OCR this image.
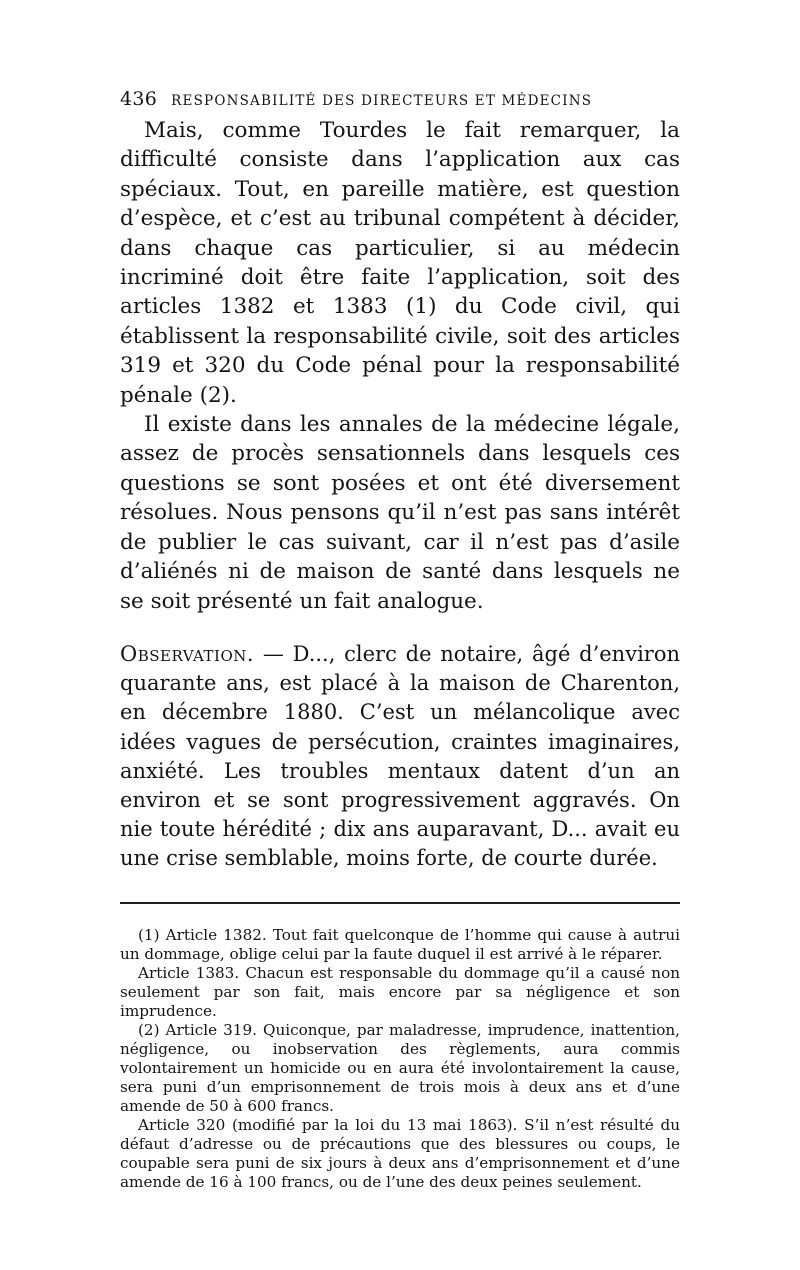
436 RESPONSABILITÉ DES DIRECTEURS ET MÉDECINS

Mais, comme Tourdes le fait remarquer, la difficulté consiste dans l’application aux cas spéciaux. Tout, en pareille matière, est question d’espèce, et c’est au tribunal compétent à décider, dans chaque cas particulier, si au médecin incriminé doit être faite l’application, soit des articles 1382 et 1383 (1) du Code civil, qui établissent la responsabilité civile, soit des articles 319 et 320 du Code pénal pour la responsabilité pénale (2).

Il existe dans les annales de la médecine légale, assez de procès sensationnels dans lesquels ces questions se sont posées et ont été diversement résolues. Nous pensons qu’il n’est pas sans intérêt de publier le cas suivant, car il n’est pas d’asile d’aliénés ni de maison de santé dans lesquels ne se soit présenté un fait analogue.

Observation. — D..., clerc de notaire, âgé d’environ quarante ans, est placé à la maison de Charenton, en décembre 1880. C’est un mélancolique avec idées vagues de persécution, craintes imaginaires, anxiété. Les troubles mentaux datent d’un an environ et se sont progressivement aggravés. On nie toute hérédité ; dix ans auparavant, D... avait eu une crise semblable, moins forte, de courte durée.

(1) Article 1382. Tout fait quelconque de l’homme qui cause à autrui un dommage, oblige celui par la faute duquel il est arrivé à le réparer.

Article 1383. Chacun est responsable du dommage qu’il a causé non seulement par son fait, mais encore par sa négligence et son imprudence.

(2) Article 319. Quiconque, par maladresse, imprudence, inattention, négligence, ou inobservation des règlements, aura commis volontairement un homicide ou en aura été involontairement la cause, sera puni d’un emprisonnement de trois mois à deux ans et d’une amende de 50 à 600 francs.

Article 320 (modifié par la loi du 13 mai 1863). S’il n’est résulté du défaut d’adresse ou de précautions que des blessures ou coups, le coupable sera puni de six jours à deux ans d’emprisonnement et d’une amende de 16 à 100 francs, ou de l’une des deux peines seulement.
